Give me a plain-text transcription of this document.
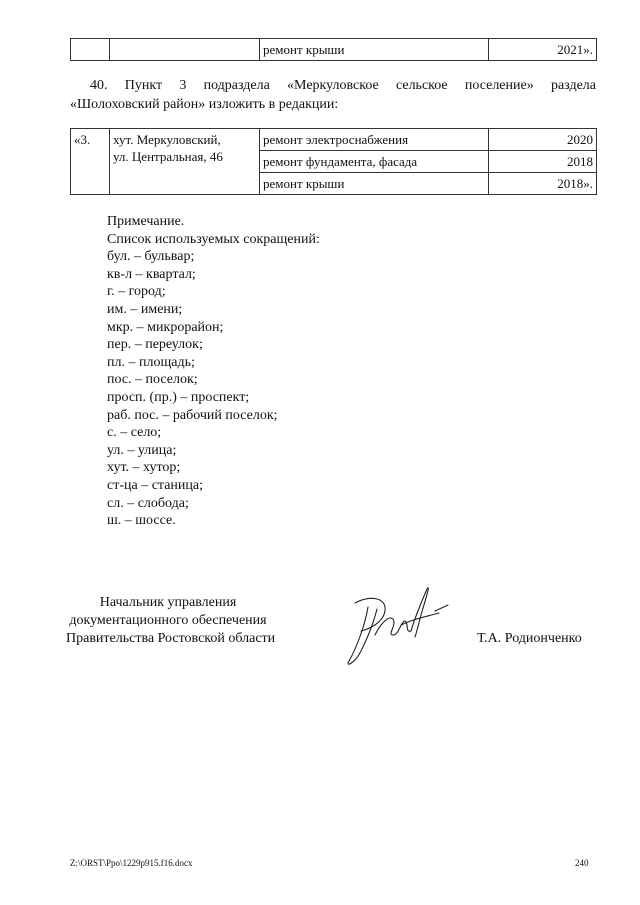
		ремонт крыши	2021».

40. Пункт 3 подраздела «Меркуловское сельское поселение» раздела

«Шолоховский район» изложить в редакции:

«3.	хут. Меркуловский,
ул. Центральная, 46	ремонт электроснабжения	2020
		ремонт фундамента, фасада	2018
		ремонт крыши	2018».
Примечание.
Список используемых сокращений:
бул. – бульвар;
кв-л – квартал;
г. – город;
им. – имени;
мкр. – микрорайон;
пер. – переулок;
пл. – площадь;
пос. – поселок;
просп. (пр.) – проспект;
раб. пос. – рабочий поселок;
с. – село;
ул. – улица;
хут. – хутор;
ст-ца – станица;
сл. – слобода;
ш. – шоссе.
Начальник управления
документационного обеспечения
Правительства Ростовской области	Т.А. Родионченко
Z:\ORST\Ppo\1229p915.f16.docx	240
